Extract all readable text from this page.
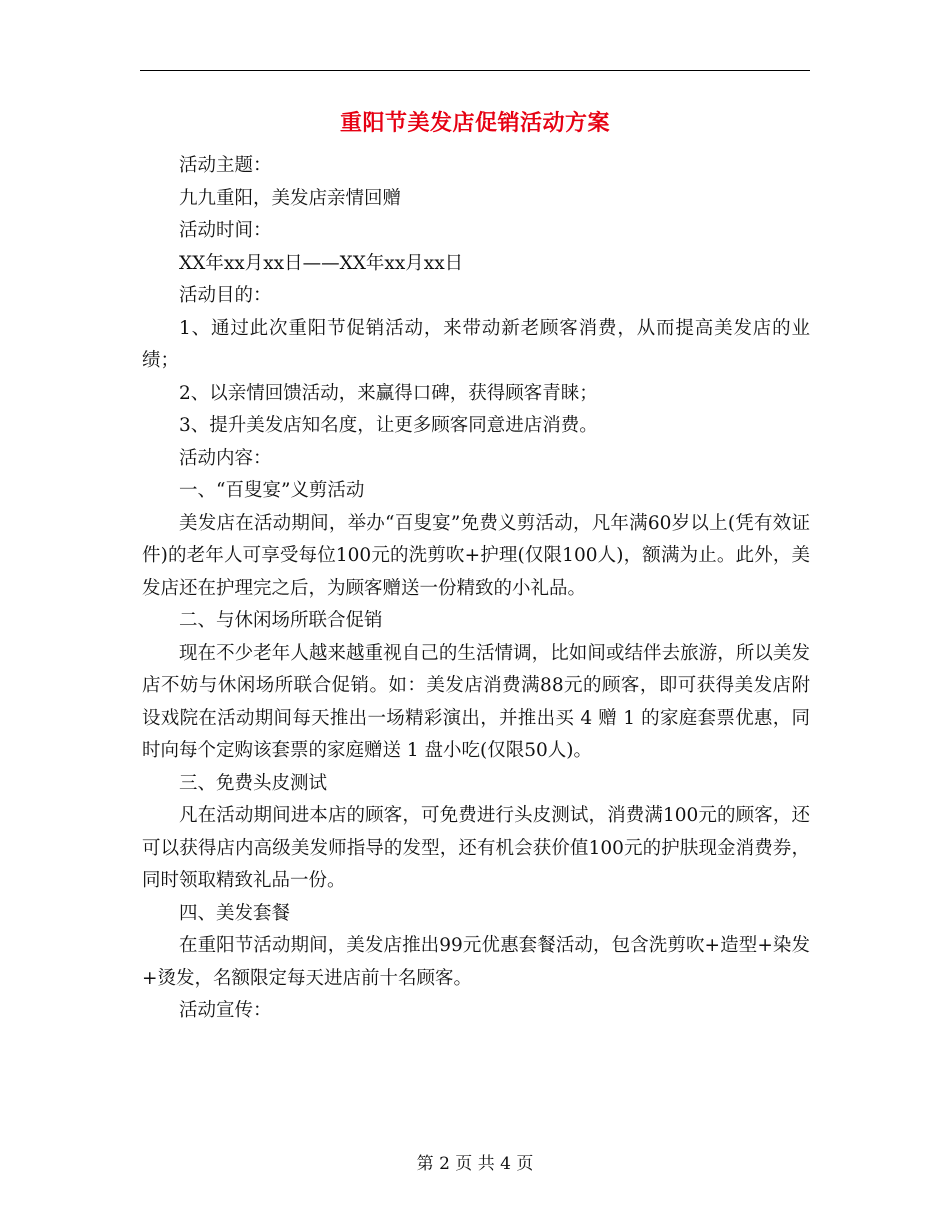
重阳节美发店促销活动方案

活动主题：

九九重阳，美发店亲情回赠

活动时间：

XX年xx月xx日——XX年xx月xx日

活动目的：

1、通过此次重阳节促销活动，来带动新老顾客消费，从而提高美发店的业绩；

2、以亲情回馈活动，来赢得口碑，获得顾客青睐；

3、提升美发店知名度，让更多顾客同意进店消费。

活动内容：

一、“百叟宴”义剪活动

美发店在活动期间，举办“百叟宴”免费义剪活动，凡年满60岁以上(凭有效证件)的老年人可享受每位100元的洗剪吹+护理(仅限100人)，额满为止。此外，美发店还在护理完之后，为顾客赠送一份精致的小礼品。

二、与休闲场所联合促销

现在不少老年人越来越重视自己的生活情调，比如间或结伴去旅游，所以美发店不妨与休闲场所联合促销。如：美发店消费满88元的顾客，即可获得美发店附设戏院在活动期间每天推出一场精彩演出，并推出买 4 赠 1 的家庭套票优惠，同时向每个定购该套票的家庭赠送 1 盘小吃(仅限50人)。

三、免费头皮测试

凡在活动期间进本店的顾客，可免费进行头皮测试，消费满100元的顾客，还可以获得店内高级美发师指导的发型，还有机会获价值100元的护肤现金消费券，同时领取精致礼品一份。

四、美发套餐

在重阳节活动期间，美发店推出99元优惠套餐活动，包含洗剪吹+造型+染发+烫发，名额限定每天进店前十名顾客。

活动宣传：

第 2 页 共 4 页
